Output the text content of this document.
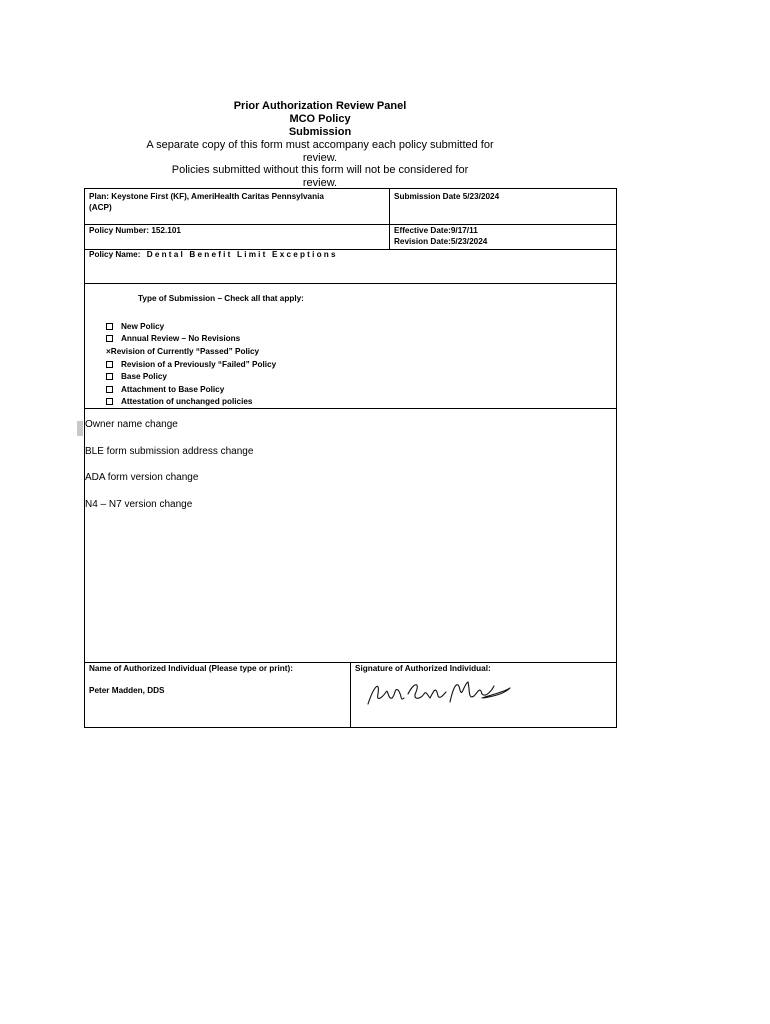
Prior Authorization Review Panel
MCO Policy
Submission
A separate copy of this form must accompany each policy submitted for
review.
Policies submitted without this form will not be considered for
review.
Plan: Keystone First (KF), AmeriHealth Caritas Pennsylvania
(ACP)
Submission Date 5/23/2024
Policy Number: 152.101	Effective Date:9/17/11
Revision Date:5/23/2024
Policy Name: Dental Benefit Limit Exceptions
Type of Submission – Check all that apply:
New Policy
Annual Review – No Revisions
×Revision of Currently “Passed” Policy
Revision of a Previously “Failed” Policy
Base Policy
Attachment to Base Policy
Attestation of unchanged policies
Owner name change
BLE form submission address change
ADA form version change
N4 – N7 version change
Name of Authorized Individual (Please type or print):
Peter Madden, DDS
Signature of Authorized Individual:
